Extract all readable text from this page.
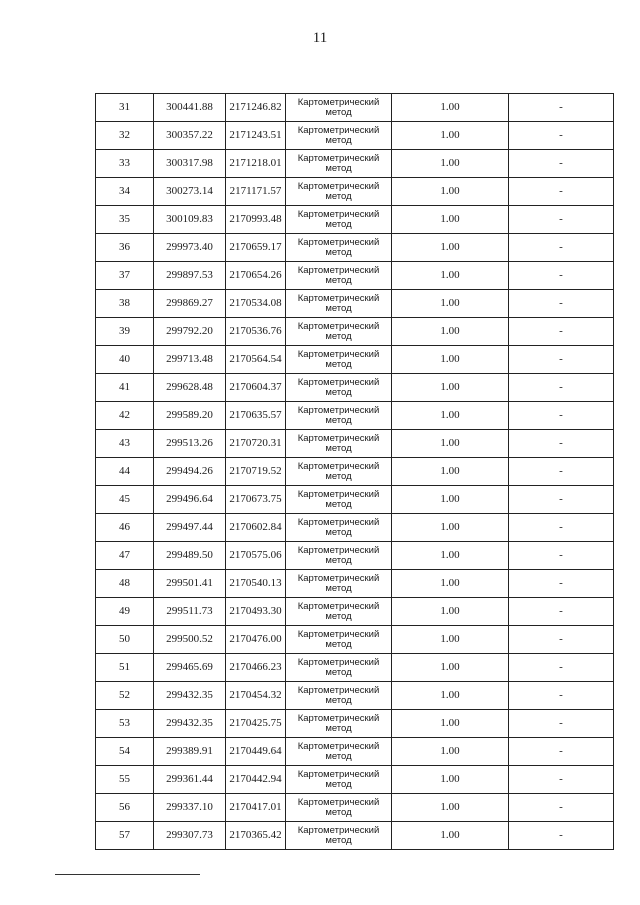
11
31	300441.88	2171246.82	Картометрический метод	1.00	-
32	300357.22	2171243.51	Картометрический метод	1.00	-
33	300317.98	2171218.01	Картометрический метод	1.00	-
34	300273.14	2171171.57	Картометрический метод	1.00	-
35	300109.83	2170993.48	Картометрический метод	1.00	-
36	299973.40	2170659.17	Картометрический метод	1.00	-
37	299897.53	2170654.26	Картометрический метод	1.00	-
38	299869.27	2170534.08	Картометрический метод	1.00	-
39	299792.20	2170536.76	Картометрический метод	1.00	-
40	299713.48	2170564.54	Картометрический метод	1.00	-
41	299628.48	2170604.37	Картометрический метод	1.00	-
42	299589.20	2170635.57	Картометрический метод	1.00	-
43	299513.26	2170720.31	Картометрический метод	1.00	-
44	299494.26	2170719.52	Картометрический метод	1.00	-
45	299496.64	2170673.75	Картометрический метод	1.00	-
46	299497.44	2170602.84	Картометрический метод	1.00	-
47	299489.50	2170575.06	Картометрический метод	1.00	-
48	299501.41	2170540.13	Картометрический метод	1.00	-
49	299511.73	2170493.30	Картометрический метод	1.00	-
50	299500.52	2170476.00	Картометрический метод	1.00	-
51	299465.69	2170466.23	Картометрический метод	1.00	-
52	299432.35	2170454.32	Картометрический метод	1.00	-
53	299432.35	2170425.75	Картометрический метод	1.00	-
54	299389.91	2170449.64	Картометрический метод	1.00	-
55	299361.44	2170442.94	Картометрический метод	1.00	-
56	299337.10	2170417.01	Картометрический метод	1.00	-
57	299307.73	2170365.42	Картометрический метод	1.00	-
